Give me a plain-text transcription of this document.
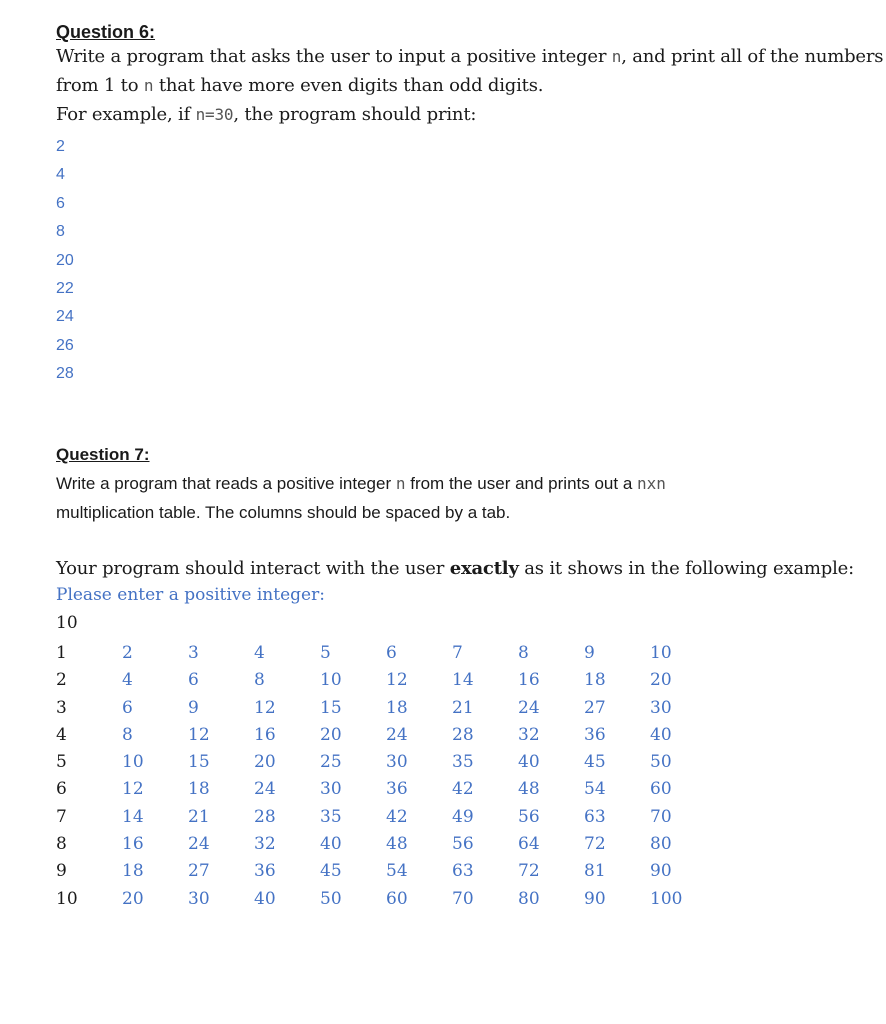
Question 6:
Write a program that asks the user to input a positive integer n, and print all of the numbers
from 1 to n that have more even digits than odd digits.
For example, if n=30, the program should print:
2
4
6
8
20
22
24
26
28
Question 7:
Write a program that reads a positive integer n from the user and prints out a nxn
multiplication table. The columns should be spaced by a tab.
Your program should interact with the user exactly as it shows in the following example:
Please enter a positive integer:
10
1	2	3	4	5	6	7	8	9	10
2	4	6	8	10	12	14	16	18	20
3	6	9	12	15	18	21	24	27	30
4	8	12	16	20	24	28	32	36	40
5	10	15	20	25	30	35	40	45	50
6	12	18	24	30	36	42	48	54	60
7	14	21	28	35	42	49	56	63	70
8	16	24	32	40	48	56	64	72	80
9	18	27	36	45	54	63	72	81	90
10	20	30	40	50	60	70	80	90	100
